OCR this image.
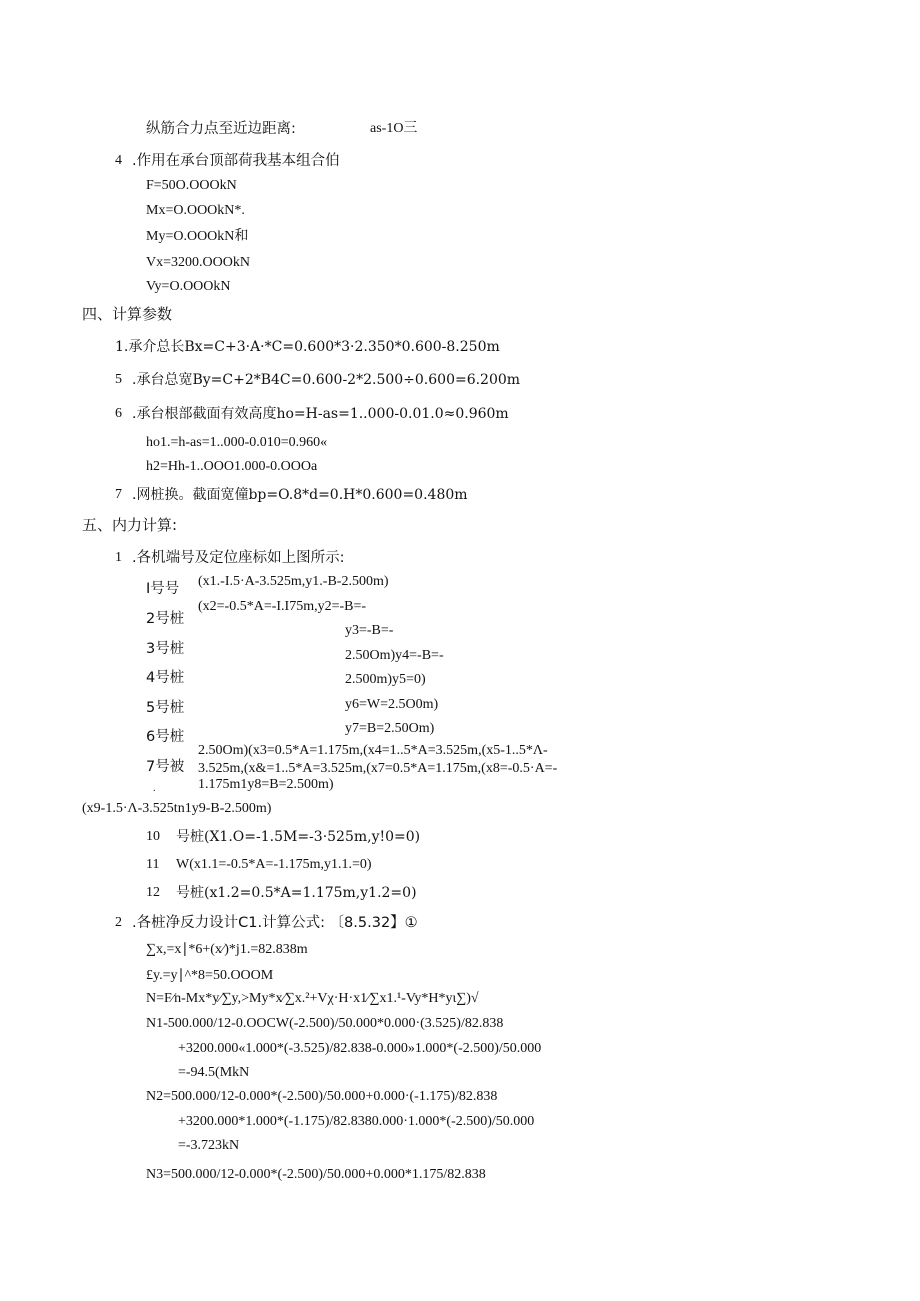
纵筋合力点至近边距离:	as-1O三
4 .作用在承台顶部荷我基本组合伯
F=50O.OOOkN
Mx=O.OOOkN*.
My=O.OOOkN和
Vx=3200.OOOkN
Vy=O.OOOkN
四、计算参数
1.承介总长Bx=C+3·A·*C=0.600*3·2.350*0.600-8.250m
5 .承台总宽By=C+2*B4C=0.600-2*2.500÷0.600=6.200m
6 .承台根部截面有效高度ho=H-as=1..000-0.01.0≈0.960m
ho1.=h-as=1..000-0.010=0.960«
h2=Hh-1..OOO1.000-0.OOOa
7 .网桩换。截面宽僮bp=O.8*d=0.H*0.600=0.480m
五、内力计算:
1 .各机端号及定位座标如上图所示:
I号号
2号桩
3号桩
4号桩
5号桩
6号桩
7号被
.
(x1.-I.5·A-3.525m,y1.-B-2.500m)
(x2=-0.5*A=-I.I75m,y2=-B=-
y3=-B=-
2.50Om)y4=-B=-
2.500m)y5=0)
y6=W=2.5O0m)
y7=B=2.50Om)
2.50Om)(x3=0.5*A=1.175m,(x4=1..5*A=3.525m,(x5-1..5*Λ-
3.525m,(x&=1..5*A=3.525m,(x7=0.5*A=1.175m,(x8=-0.5·A=-
1.175m1y8=B=2.500m)
(x9-1.5·Λ-3.525tn1y9-B-2.500m)
10 号桩(X1.O=-1.5M=-3·525m,y!0=0)
11 W(x1.1=-0.5*A=-1.175m,y1.1.=0)
12 号桩(x1.2=0.5*A=1.175m,y1.2=0)
2 .各桩净反力设计C1.计算公式: 〔8.5.32】①
∑x,=x∣*6+(x⁄)*j1.=82.838m
£y.=y∣^*8=50.OOOM
N=F⁄n-Mx*y⁄∑y,>My*x⁄∑x.²+Vχ·H·x1⁄∑x1.¹-Vy*H*yι∑)√
N1-500.000/12-0.OOCW(-2.500)/50.000*0.000·(3.525)/82.838
+3200.000«1.000*(-3.525)/82.838-0.000»1.000*(-2.500)/50.000
=-94.5(MkN
N2=500.000/12-0.000*(-2.500)/50.000+0.000·(-1.175)/82.838
+3200.000*1.000*(-1.175)/82.8380.000·1.000*(-2.500)/50.000
=-3.723kN
N3=500.000/12-0.000*(-2.500)/50.000+0.000*1.175/82.838
